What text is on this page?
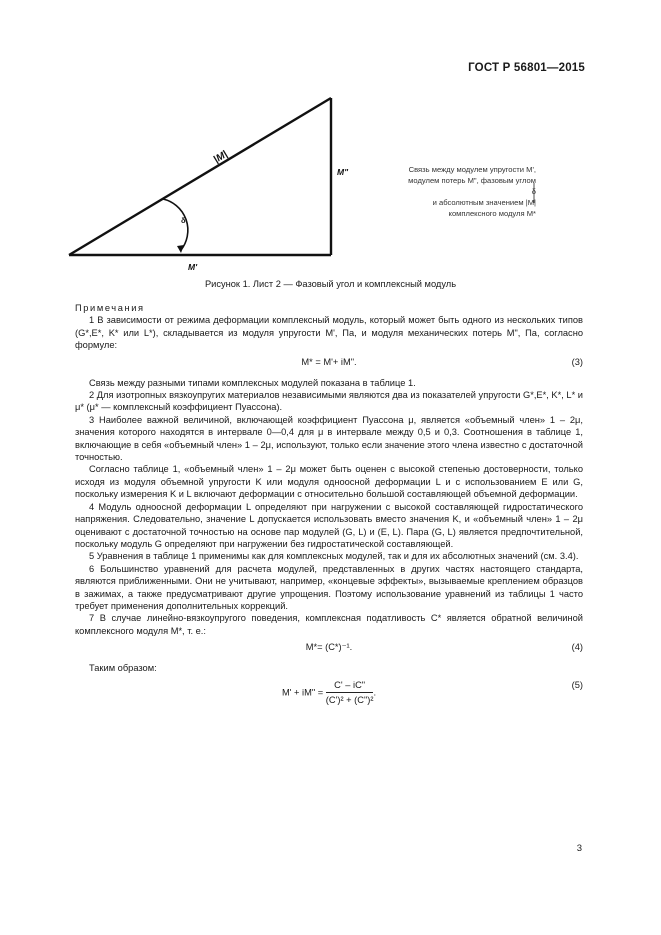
ГОСТ Р 56801—2015
|M|
M"
M'
δ
Связь между модулем упругости M',
модулем потерь M", фазовым углом δ
и абсолютным значением |M|
комплексного модуля M*
Рисунок 1. Лист 2 — Фазовый угол и комплексный модуль
Примечания

1 В зависимости от режима деформации комплексный модуль, который может быть одного из нескольких типов (G*,E*, K* или L*), складывается из модуля упругости M', Па, и модуля механических потерь M", Па, согласно формуле:

M* = M'+ iM".	(3)

Связь между разными типами комплексных модулей показана в таблице 1.

2 Для изотропных вязкоупругих материалов независимыми являются два из показателей упругости G*,E*, K*, L* и μ* (μ* — комплексный коэффициент Пуассона).

3 Наиболее важной величиной, включающей коэффициент Пуассона μ, является «объемный член» 1 – 2μ, значения которого находятся в интервале 0—0,4 для μ в интервале между 0,5 и 0,3. Соотношения в таблице 1, включающие в себя «объемный член» 1 – 2μ, используют, только если значение этого члена известно с достаточной точностью.

Согласно таблице 1, «объемный член» 1 – 2μ может быть оценен с высокой степенью достоверности, только исходя из модуля объемной упругости K или модуля одноосной деформации L и с использованием E или G, поскольку измерения K и L включают деформации с относительно большой составляющей объемной деформации.

4 Модуль одноосной деформации L определяют при нагружении с высокой составляющей гидростатического напряжения. Следовательно, значение L допускается использовать вместо значения K, и «объемный член» 1 – 2μ оценивают с достаточной точностью на основе пар модулей (G, L) и (E, L). Пара (G, L) является предпочтительной, поскольку модуль G определяют при нагружении без гидростатической составляющей.

5 Уравнения в таблице 1 применимы как для комплексных модулей, так и для их абсолютных значений (см. 3.4).

6 Большинство уравнений для расчета модулей, представленных в других частях настоящего стандарта, являются приближенными. Они не учитывают, например, «концевые эффекты», вызываемые креплением образцов в зажимах, а также предусматривают другие упрощения. Поэтому использование уравнений из таблицы 1 часто требует применения дополнительных коррекций.

7 В случае линейно-вязкоупругого поведения, комплексная податливость C* является обратной величиной комплексного модуля M*, т. е.:

M*= (C*)⁻¹.	(4)

Таким образом:

M' + iM" = $\frac{C' - iC"}{\text{(C')² + (C")²}}$ .
(5)
3
